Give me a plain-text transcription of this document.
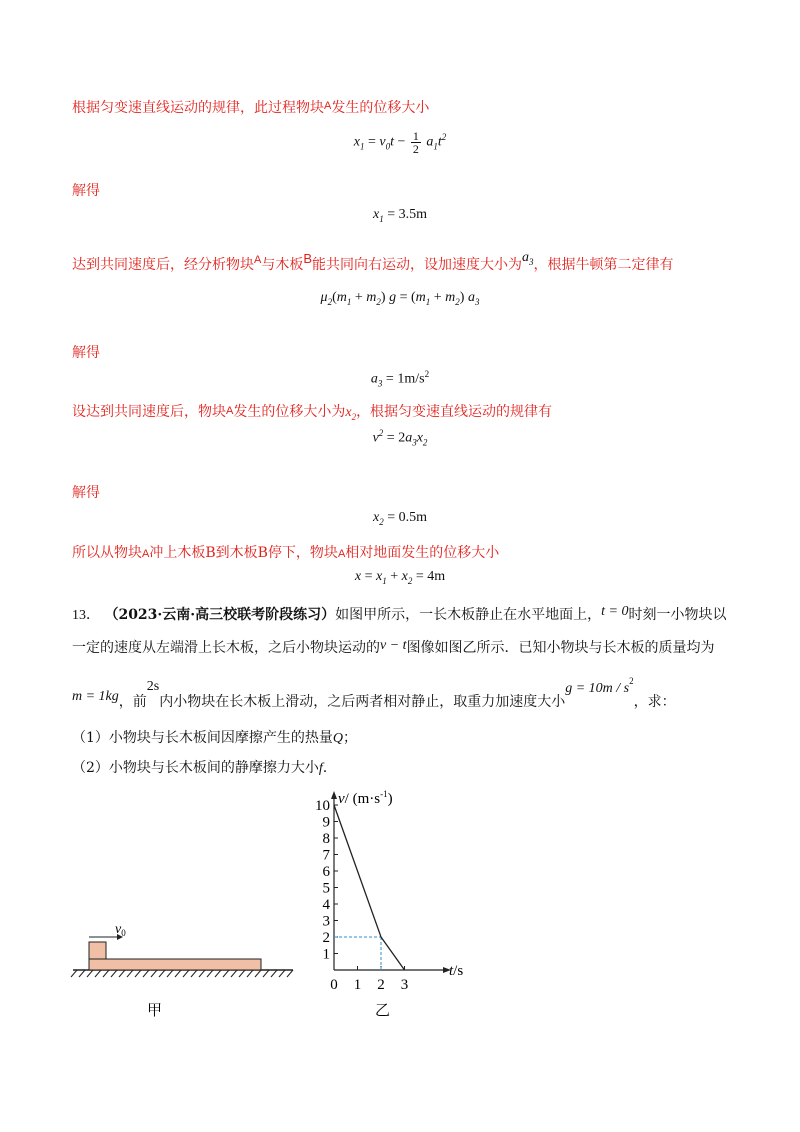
根据匀变速直线运动的规律，此过程物块$^A$发生的位移大小
$x_1 = v_0t - \frac{1}{2} a_1t^2$
解得
$x_1 = 3.5m$
达到共同速度后，经分析物块$^A$与木板B能共同向右运动，设加速度大小为$a_3$，根据牛顿第二定律有
$\mu_2(m_1 + m_2) g = (m_1 + m_2)$ $a_3$
解得
$a_3 = 1m/s^2$
设达到共同速度后，物块A发生的位移大小为$x_2$，根据匀变速直线运动的规律有
$v^2 = 2a_3x_2$
解得
$x_2 = 0.5m$
所以从物块A冲上木板B到木板B停下，物块A相对地面发生的位移大小
$x = x_1 + x_2 = 4m$
13． （2023·云南·高三校联考阶段练习）如图甲所示，一长木板静止在水平地面上，t = 0时刻一小物块以
一定的速度从左端滑上长木板，之后小物块运动的v − t图像如图乙所示．已知小物块与长木板的质量均为
m = 1kg，前2s内小物块在长木板上滑动，之后两者相对静止，取重力加速度大小$g = 10m / s^2$，求：
（1）小物块与长木板间因摩擦产生的热量Q；
（2）小物块与长木板间的静摩擦力大小f.
$v_0$
甲
10
9
8
7
6
5
4
3
2
1
0 1 2 3
v/ $(m\cdot s^{-1})$
t/s
乙
